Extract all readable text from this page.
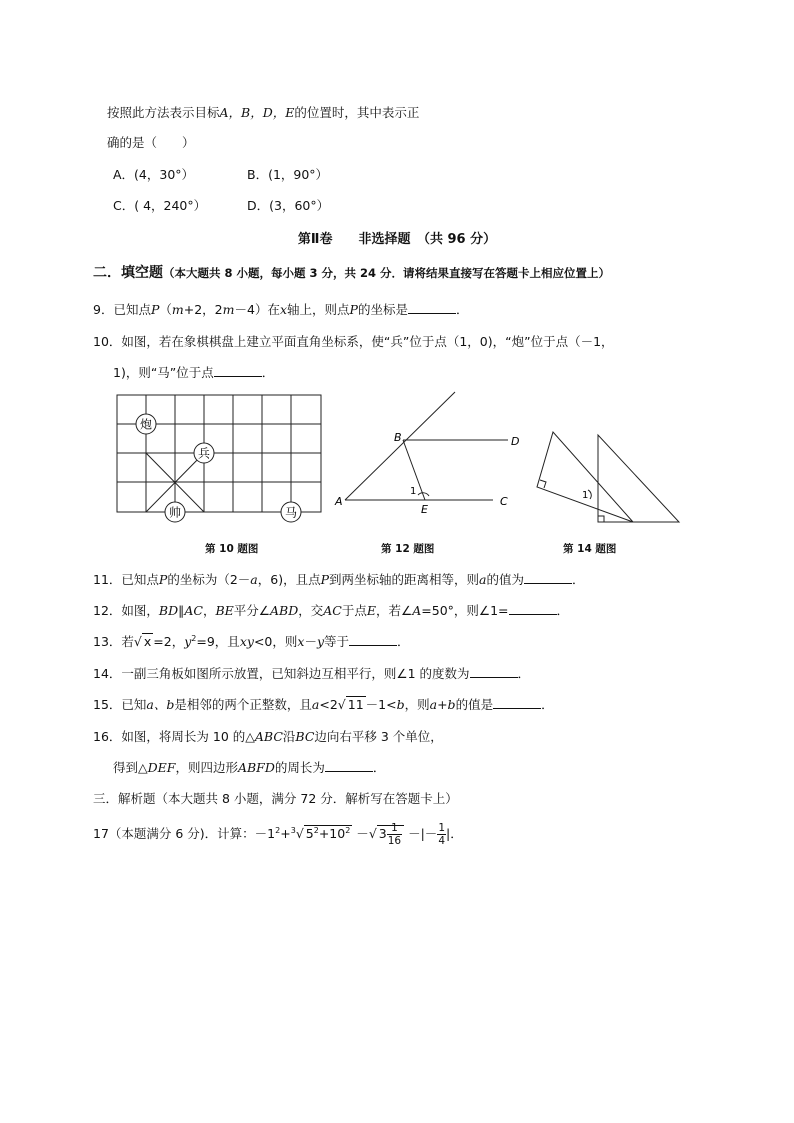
按照此方法表示目标A，B，D，E的位置时，其中表示正
确的是（　　）
A．(4，30°）	B．(1，90°）
C．( 4，240°）	D．(3，60°）
第Ⅱ卷　　非选择题　（共 96 分）
二．填空题（本大题共 8 小题，每小题 3 分，共 24 分．请将结果直接写在答题卡上相应位置上）
9．已知点P（m+2，2m－4）在x轴上，则点P的坐标是	．
10．如图，若在象棋棋盘上建立平面直角坐标系，使“兵”位于点（1，0)，“炮”位于点（－1，
1)，则“马”位于点	．
炮
兵
帅	马
第 10 题图
B	D
A
E
C
1
第 12 题图
1
第 14 题图
11．已知点P的坐标为（2－a，6)，且点P到两坐标轴的距离相等，则a的值为	．
12．如图，BD∥AC，BE平分∠ABD，交AC于点E，若∠A=50°，则∠1=	．
13．若√ x =2，$y^2=9$，且xy<0，则x－y等于	．
14．一副三角板如图所示放置，已知斜边互相平行，则∠1 的度数为	．
15．已知a、b是相邻的两个正整数，且a<2√ 11 －1<b，则a+b的值是	．
16．如图，将周长为 10 的△ABC沿BC边向右平移 3 个单位，
得到△DEF，则四边形ABFD的周长为	．
三．解析题（本大题共 8 小题，满分 72 分．解析写在答题卡上）
17（本题满分 6 分)．计算：$-1^2+^3√$ $5^2+10^2$ －√ $3 \frac{1}{16}$ －|－ $\frac{1}{4}$ |．
